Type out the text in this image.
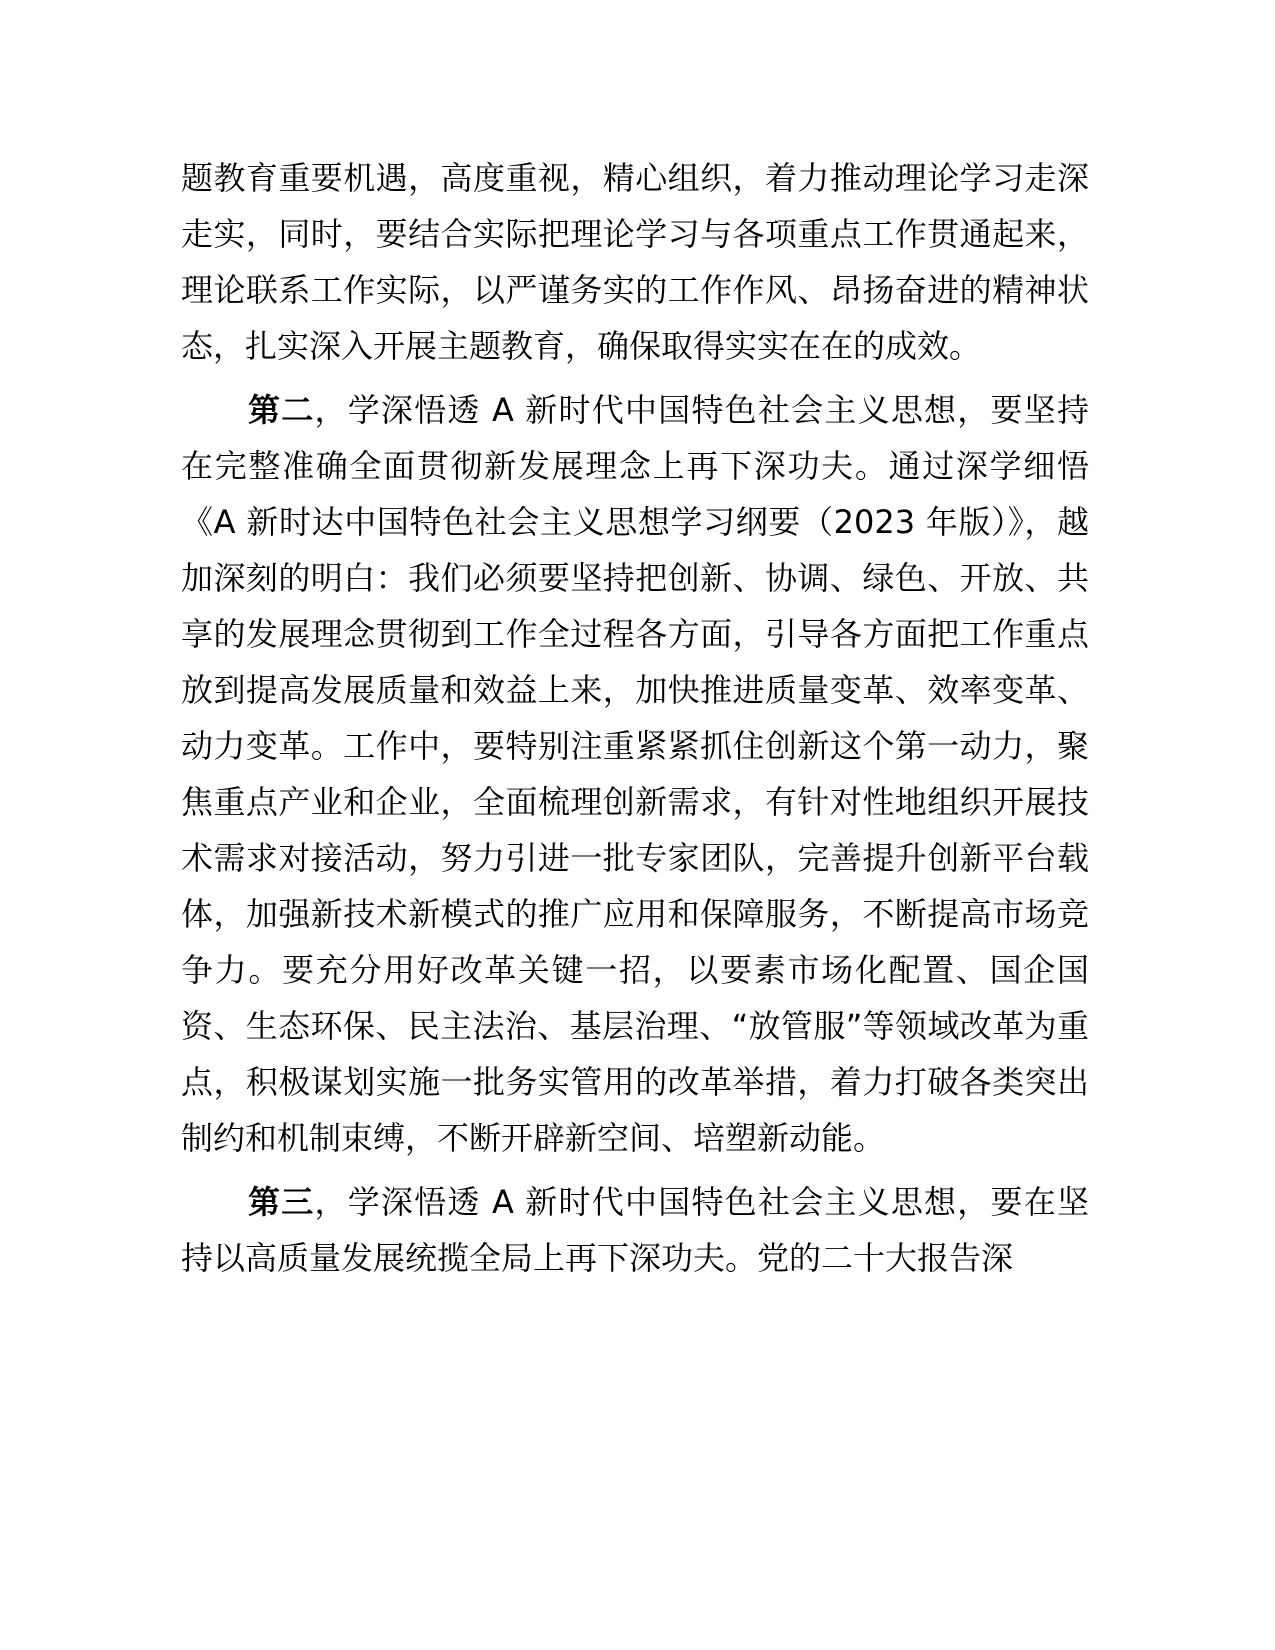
题教育重要机遇，高度重视，精心组织，着力推动理论学习走深走实，同时，要结合实际把理论学习与各项重点工作贯通起来，理论联系工作实际，以严谨务实的工作作风、昂扬奋进的精神状态，扎实深入开展主题教育，确保取得实实在在的成效。

第二，学深悟透 A 新时代中国特色社会主义思想，要坚持在完整准确全面贯彻新发展理念上再下深功夫。通过深学细悟《A 新时达中国特色社会主义思想学习纲要（2023 年版）》，越加深刻的明白：我们必须要坚持把创新、协调、绿色、开放、共享的发展理念贯彻到工作全过程各方面，引导各方面把工作重点放到提高发展质量和效益上来，加快推进质量变革、效率变革、动力变革。工作中，要特别注重紧紧抓住创新这个第一动力，聚焦重点产业和企业，全面梳理创新需求，有针对性地组织开展技术需求对接活动，努力引进一批专家团队，完善提升创新平台载体，加强新技术新模式的推广应用和保障服务，不断提高市场竞争力。要充分用好改革关键一招，以要素市场化配置、国企国资、生态环保、民主法治、基层治理、“放管服”等领域改革为重点，积极谋划实施一批务实管用的改革举措，着力打破各类突出制约和机制束缚，不断开辟新空间、培塑新动能。

第三，学深悟透 A 新时代中国特色社会主义思想，要在坚持以高质量发展统揽全局上再下深功夫。党的二十大报告深
